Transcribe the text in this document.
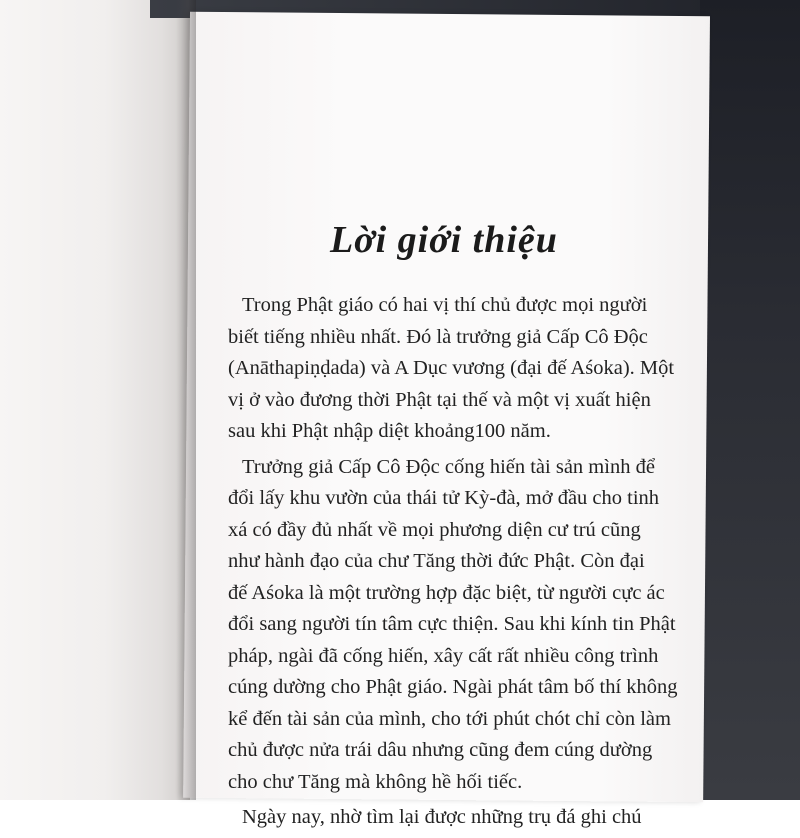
Lời giới thiệu
Trong Phật giáo có hai vị thí chủ được mọi người
biết tiếng nhiều nhất. Đó là trưởng giả Cấp Cô Độc
(Anāthapiṇḍada) và A Dục vương (đại đế Aśoka). Một
vị ở vào đương thời Phật tại thế và một vị xuất hiện
sau khi Phật nhập diệt khoảng100 năm.
Trưởng giả Cấp Cô Độc cống hiến tài sản mình để
đổi lấy khu vườn của thái tử Kỳ-đà, mở đầu cho tinh
xá có đầy đủ nhất về mọi phương diện cư trú cũng
như hành đạo của chư Tăng thời đức Phật. Còn đại
đế Aśoka là một trường hợp đặc biệt, từ người cực ác
đổi sang người tín tâm cực thiện. Sau khi kính tin Phật
pháp, ngài đã cống hiến, xây cất rất nhiều công trình
cúng dường cho Phật giáo. Ngài phát tâm bố thí không
kể đến tài sản của mình, cho tới phút chót chỉ còn làm
chủ được nửa trái dâu nhưng cũng đem cúng dường
cho chư Tăng mà không hề hối tiếc.
Ngày nay, nhờ tìm lại được những trụ đá ghi chú
